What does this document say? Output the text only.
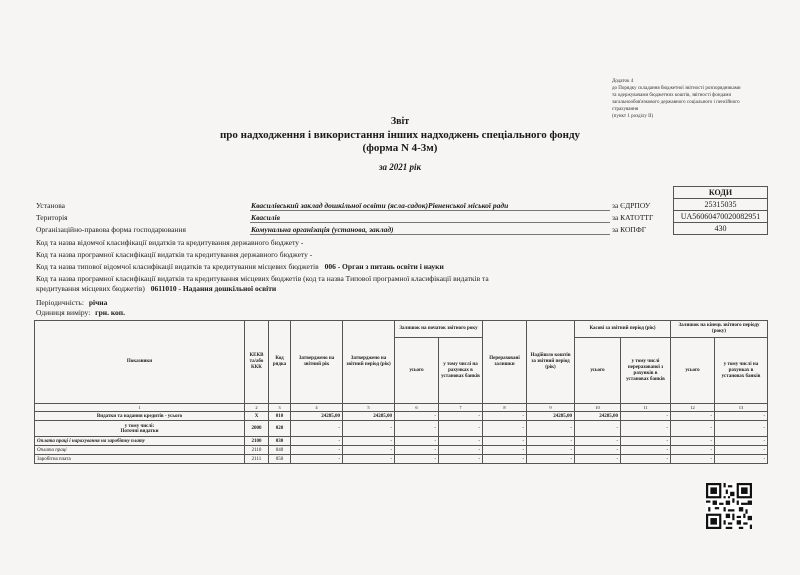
Додаток 4
до Порядку складання бюджетної звітності розпорядниками
та одержувачами бюджетних коштів, звітності фондами
загальнообов'язкового державного соціального і пенсійного
страхування
(пункт 1 розділу II)
Звіт
про надходження і використання інших надходжень спеціального фонду
(форма N 4-3м)
за 2021 рік
КОДИ
25315035
UA56060470020082951
430
Установа	Квасилівський заклад дошкільної освіти (ясла-садок)Рівненської міської ради	за ЄДРПОУ
Територія	Квасилів	за КАТОТТГ
Організаційно-правова форма господарювання	Комунальна організація (установа, заклад)	за КОПФГ
Код та назва відомчої класифікації видатків та кредитування державного бюджету -
Код та назва програмної класифікації видатків та кредитування державного бюджету -
Код та назва типової відомчої класифікації видатків та кредитування місцевих бюджетів 006 - Орган з питань освіти і науки
Код та назва програмної класифікації видатків та кредитування місцевих бюджетів (код та назва Типової програмної класифікації видатків та
кредитування місцевих бюджетів) 0611010 - Надання дошкільної освіти
Періодичність: річна
Одиниця виміру: грн. коп.
Показники	КЕКВ та/або ККК	Код рядка	Затверджено на звітний рік	Затверджено на звітний період (рік)	Залишок на початок звітного року		Перераховані залишки	Надійшло коштів за звітний період (рік)	Касові за звітний період (рік)		Залишок на кінець звітного періоду (року)	
					усього	у тому числі на рахунках в установах банків			усього	у тому числі перерахованої з рахунків в установах банків	усього	у тому числі на рахунках в установах банків
1	2	3	4	5	6	7	8	9	10	11	12	13
Видатки та надання кредитів - усього	X	010	24285,00	24285,00	-	-	-	24285,00	24285,00	-	-	-
у тому числі:
Поточні видатки	2000	020	-	-	-	-	-	-	-	-	-	-
Оплата праці і нарахування на заробітну плату	2100	030	-	-	-	-	-	-	-	-	-	-
Оплата праці	2110	040	-	-	-	-	-	-	-	-	-	-
Заробітна плата	2111	050	-	-	-	-	-	-	-	-	-	-
